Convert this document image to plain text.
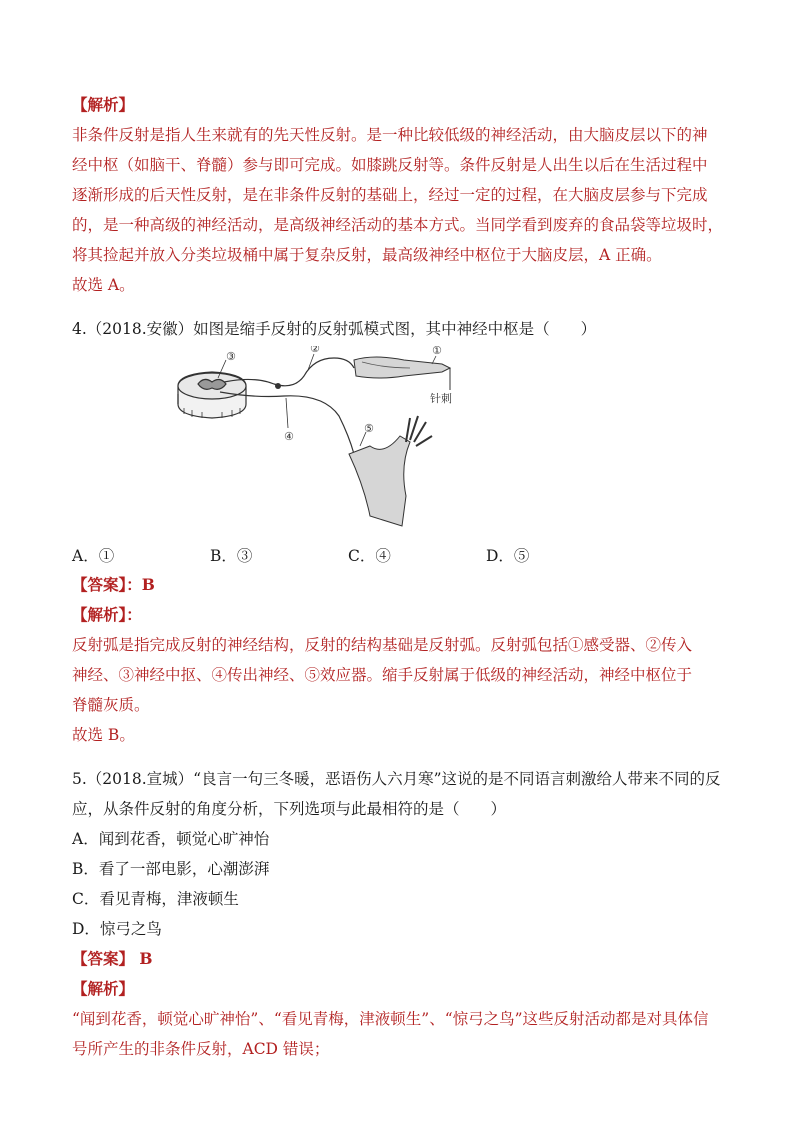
【解析】
非条件反射是指人生来就有的先天性反射。是一种比较低级的神经活动，由大脑皮层以下的神
经中枢（如脑干、脊髓）参与即可完成。如膝跳反射等。条件反射是人出生以后在生活过程中
逐渐形成的后天性反射，是在非条件反射的基础上，经过一定的过程，在大脑皮层参与下完成
的，是一种高级的神经活动，是高级神经活动的基本方式。当同学看到废弃的食品袋等垃圾时，
将其捡起并放入分类垃圾桶中属于复杂反射，最高级神经中枢位于大脑皮层，A 正确。
故选 A。
4.（2018.安徽）如图是缩手反射的反射弧模式图，其中神经中枢是（　　）
③
②	①
④
⑤
针刺
A．①	B．③	C．④	D．⑤
【答案】：B
【解析】：
反射弧是指完成反射的神经结构，反射的结构基础是反射弧。反射弧包括①感受器、②传入
神经、③神经中抠、④传出神经、⑤效应器。缩手反射属于低级的神经活动，神经中枢位于
脊髓灰质。
故选 B。
5.（2018.宣城）“良言一句三冬暖，恶语伤人六月寒”这说的是不同语言刺激给人带来不同的反
应，从条件反射的角度分析，下列选项与此最相符的是（　　）
A．闻到花香，顿觉心旷神怡
B．看了一部电影，心潮澎湃
C．看见青梅，津液顿生
D．惊弓之鸟
【答案】 B
【解析】
“闻到花香，顿觉心旷神怡”、“看见青梅，津液顿生”、“惊弓之鸟”这些反射活动都是对具体信
号所产生的非条件反射，ACD 错误；
